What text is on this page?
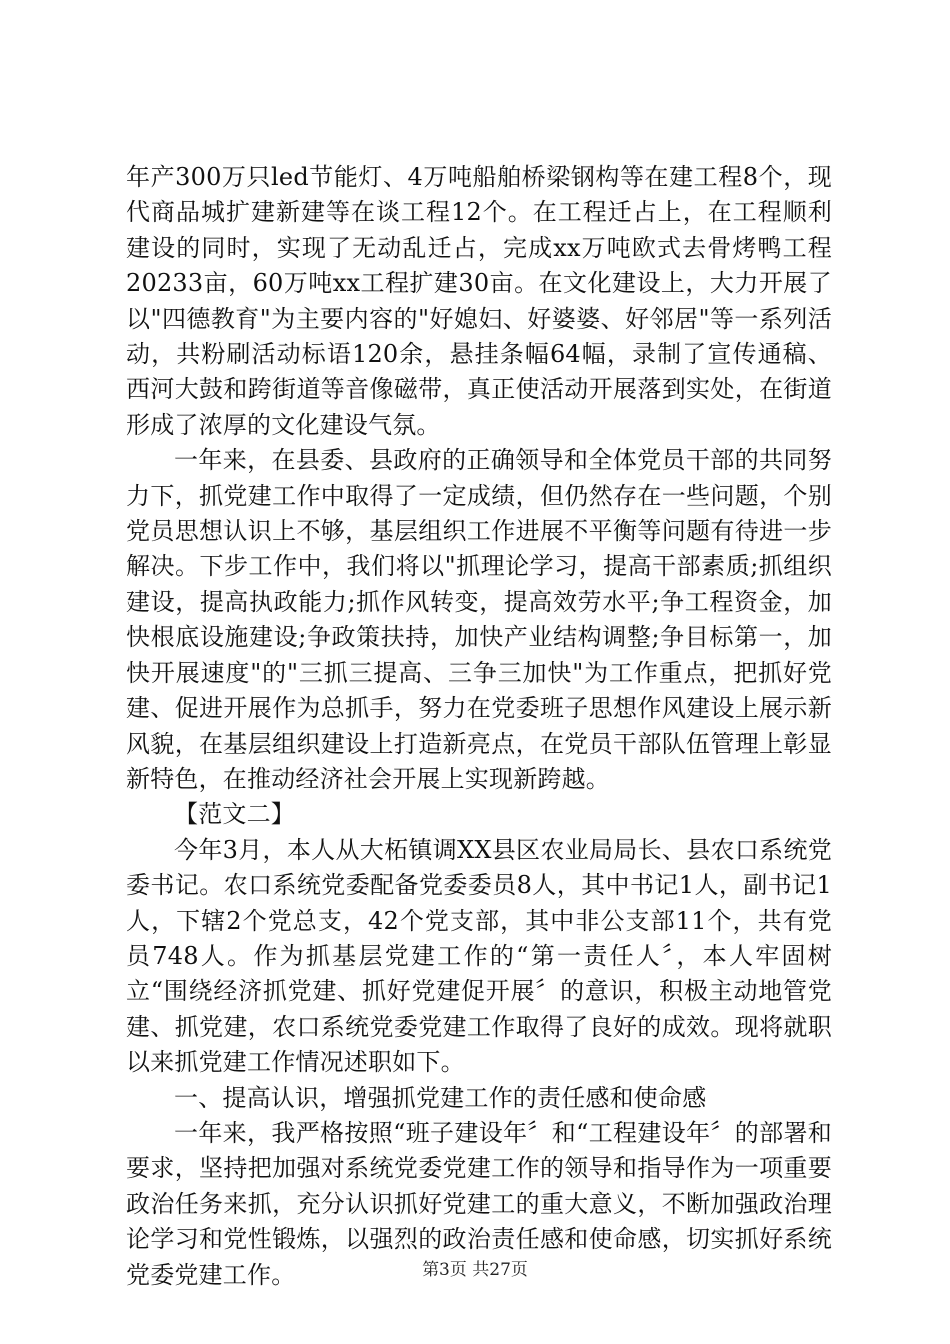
年产300万只led节能灯、4万吨船舶桥梁钢构等在建工程8个，现代商品城扩建新建等在谈工程12个。在工程迁占上，在工程顺利建设的同时，实现了无动乱迁占，完成xx万吨欧式去骨烤鸭工程20233亩，60万吨xx工程扩建30亩。在文化建设上，大力开展了以"四德教育"为主要内容的"好媳妇、好婆婆、好邻居"等一系列活动，共粉刷活动标语120余，悬挂条幅64幅，录制了宣传通稿、西河大鼓和跨街道等音像磁带，真正使活动开展落到实处，在街道形成了浓厚的文化建设气氛。

一年来，在县委、县政府的正确领导和全体党员干部的共同努力下，抓党建工作中取得了一定成绩，但仍然存在一些问题，个别党员思想认识上不够，基层组织工作进展不平衡等问题有待进一步解决。下步工作中，我们将以"抓理论学习，提高干部素质;抓组织建设，提高执政能力;抓作风转变，提高效劳水平;争工程资金，加快根底设施建设;争政策扶持，加快产业结构调整;争目标第一，加快开展速度"的"三抓三提高、三争三加快"为工作重点，把抓好党建、促进开展作为总抓手，努力在党委班子思想作风建设上展示新风貌，在基层组织建设上打造新亮点，在党员干部队伍管理上彰显新特色，在推动经济社会开展上实现新跨越。

【范文二】

今年3月，本人从大柘镇调XX县区农业局局长、县农口系统党委书记。农口系统党委配备党委委员8人，其中书记1人，副书记1人，下辖2个党总支，42个党支部，其中非公支部11个，共有党员748人。作为抓基层党建工作的“第一责任人〞，本人牢固树立“围绕经济抓党建、抓好党建促开展〞的意识，积极主动地管党建、抓党建，农口系统党委党建工作取得了良好的成效。现将就职以来抓党建工作情况述职如下。

一、提高认识，增强抓党建工作的责任感和使命感

一年来，我严格按照“班子建设年〞和“工程建设年〞的部署和要求，坚持把加强对系统党委党建工作的领导和指导作为一项重要政治任务来抓，充分认识抓好党建工的重大意义，不断加强政治理论学习和党性锻炼，以强烈的政治责任感和使命感，切实抓好系统党委党建工作。	第3页 共27页
